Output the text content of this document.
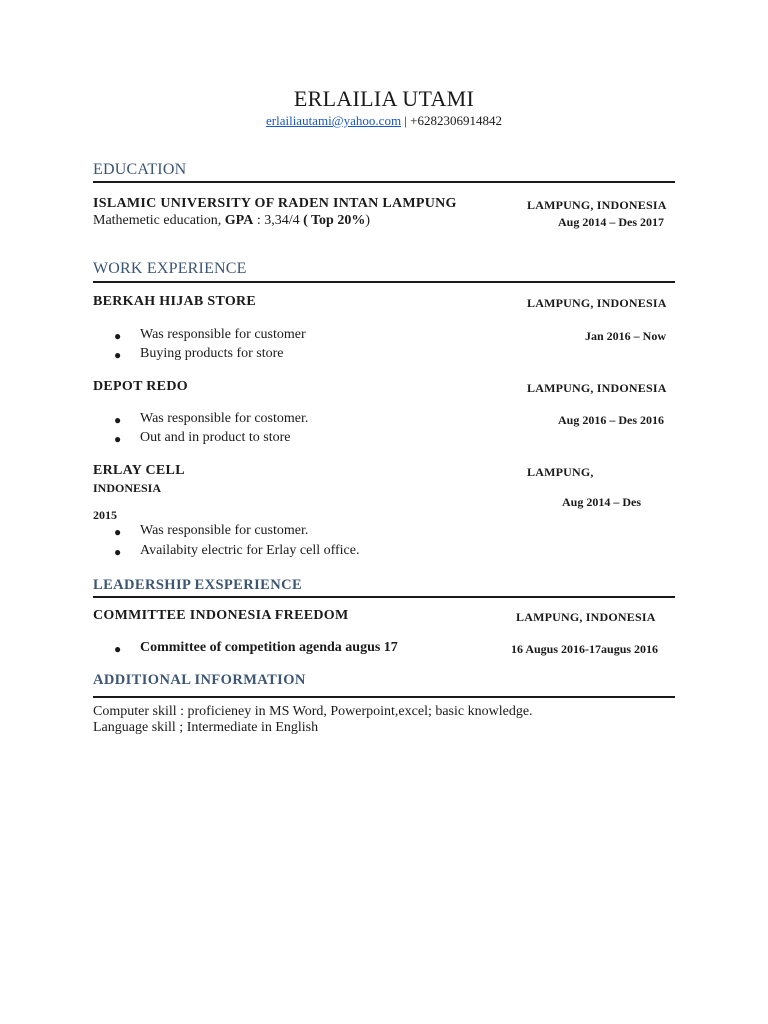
ERLAILIA UTAMI
erlailiautami@yahoo.com | +6282306914842
EDUCATION
ISLAMIC UNIVERSITY OF RADEN INTAN LAMPUNG	LAMPUNG, INDONESIA
Mathemetic education, GPA : 3,34/4 ( Top 20%)	Aug 2014 – Des 2017
WORK EXPERIENCE
BERKAH HIJAB STORE	LAMPUNG, INDONESIA
● Was responsible for customer	Jan 2016 – Now
● Buying products for store
DEPOT REDO	LAMPUNG, INDONESIA
● Was responsible for costomer.	Aug 2016 – Des 2016
● Out and in product to store
ERLAY CELL	LAMPUNG,
INDONESIA
Aug 2014 – Des
2015
● Was responsible for customer.
● Availabity electric for Erlay cell office.
LEADERSHIP EXSPERIENCE
COMMITTEE INDONESIA FREEDOM	LAMPUNG, INDONESIA
● Committee of competition agenda augus 17	16 Augus 2016-17augus 2016
ADDITIONAL INFORMATION
Computer skill : proficieney in MS Word, Powerpoint,excel; basic knowledge.
Language skill ; Intermediate in English
